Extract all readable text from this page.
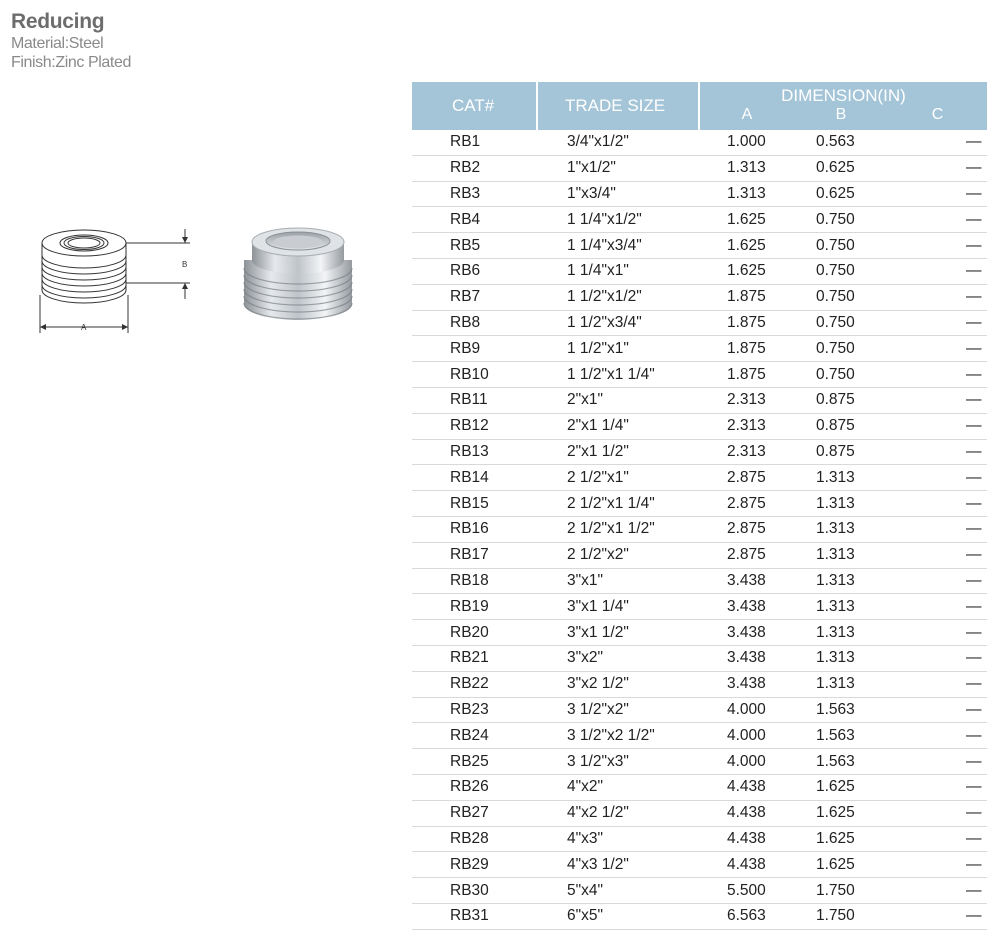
Reducing
Material:Steel
Finish:Zinc Plated
B
A
CAT#	TRADE SIZE	DIMENSION(IN)		
		A	B	C
RB1	3/4"x1/2"	1.000	0.563	—
RB2	1"x1/2"	1.313	0.625	—
RB3	1"x3/4"	1.313	0.625	—
RB4	1 1/4"x1/2"	1.625	0.750	—
RB5	1 1/4"x3/4"	1.625	0.750	—
RB6	1 1/4"x1"	1.625	0.750	—
RB7	1 1/2"x1/2"	1.875	0.750	—
RB8	1 1/2"x3/4"	1.875	0.750	—
RB9	1 1/2"x1"	1.875	0.750	—
RB10	1 1/2"x1 1/4"	1.875	0.750	—
RB11	2"x1"	2.313	0.875	—
RB12	2"x1 1/4"	2.313	0.875	—
RB13	2"x1 1/2"	2.313	0.875	—
RB14	2 1/2"x1"	2.875	1.313	—
RB15	2 1/2"x1 1/4"	2.875	1.313	—
RB16	2 1/2"x1 1/2"	2.875	1.313	—
RB17	2 1/2"x2"	2.875	1.313	—
RB18	3"x1"	3.438	1.313	—
RB19	3"x1 1/4"	3.438	1.313	—
RB20	3"x1 1/2"	3.438	1.313	—
RB21	3"x2"	3.438	1.313	—
RB22	3"x2 1/2"	3.438	1.313	—
RB23	3 1/2"x2"	4.000	1.563	—
RB24	3 1/2"x2 1/2"	4.000	1.563	—
RB25	3 1/2"x3"	4.000	1.563	—
RB26	4"x2"	4.438	1.625	—
RB27	4"x2 1/2"	4.438	1.625	—
RB28	4"x3"	4.438	1.625	—
RB29	4"x3 1/2"	4.438	1.625	—
RB30	5"x4"	5.500	1.750	—
RB31	6"x5"	6.563	1.750	—
